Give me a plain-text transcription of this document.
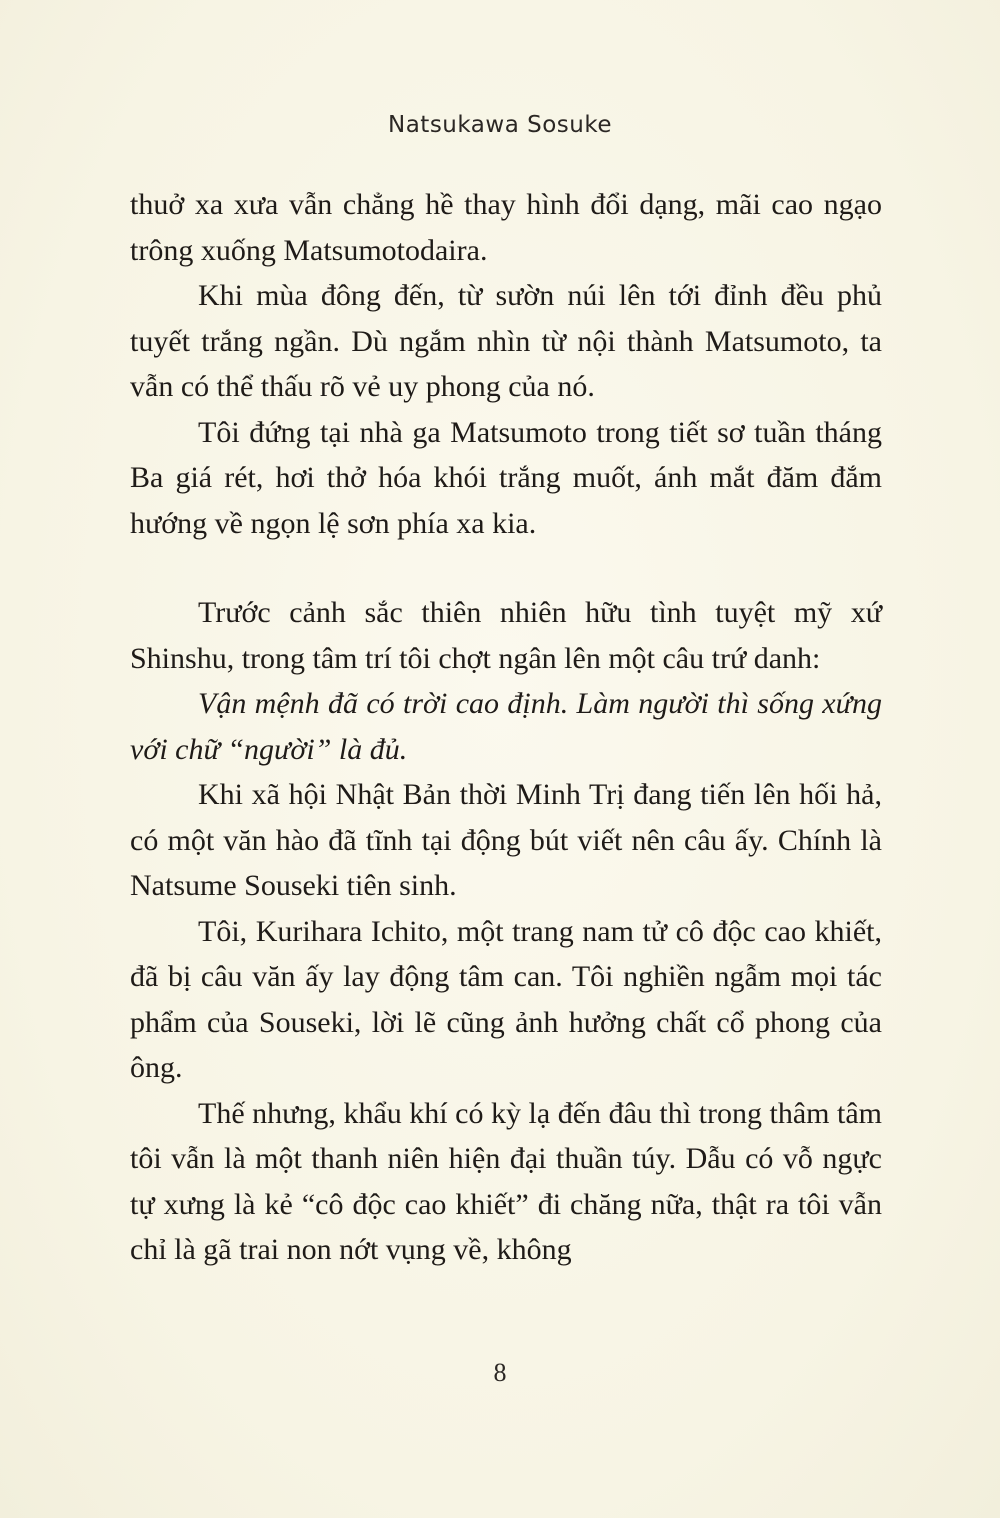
Natsukawa Sosuke

thuở xa xưa vẫn chẳng hề thay hình đổi dạng, mãi cao ngạo trông xuống Matsumotodaira.

Khi mùa đông đến, từ sườn núi lên tới đỉnh đều phủ tuyết trắng ngần. Dù ngắm nhìn từ nội thành Matsumoto, ta vẫn có thể thấu rõ vẻ uy phong của nó.

Tôi đứng tại nhà ga Matsumoto trong tiết sơ tuần tháng Ba giá rét, hơi thở hóa khói trắng muốt, ánh mắt đăm đắm hướng về ngọn lệ sơn phía xa kia.

Trước cảnh sắc thiên nhiên hữu tình tuyệt mỹ xứ Shinshu, trong tâm trí tôi chợt ngân lên một câu trứ danh:

Vận mệnh đã có trời cao định. Làm người thì sống xứng với chữ “người” là đủ.

Khi xã hội Nhật Bản thời Minh Trị đang tiến lên hối hả, có một văn hào đã tĩnh tại động bút viết nên câu ấy. Chính là Natsume Souseki tiên sinh.

Tôi, Kurihara Ichito, một trang nam tử cô độc cao khiết, đã bị câu văn ấy lay động tâm can. Tôi nghiền ngẫm mọi tác phẩm của Souseki, lời lẽ cũng ảnh hưởng chất cổ phong của ông.

Thế nhưng, khẩu khí có kỳ lạ đến đâu thì trong thâm tâm tôi vẫn là một thanh niên hiện đại thuần túy. Dẫu có vỗ ngực tự xưng là kẻ “cô độc cao khiết” đi chăng nữa, thật ra tôi vẫn chỉ là gã trai non nớt vụng về, không

8
